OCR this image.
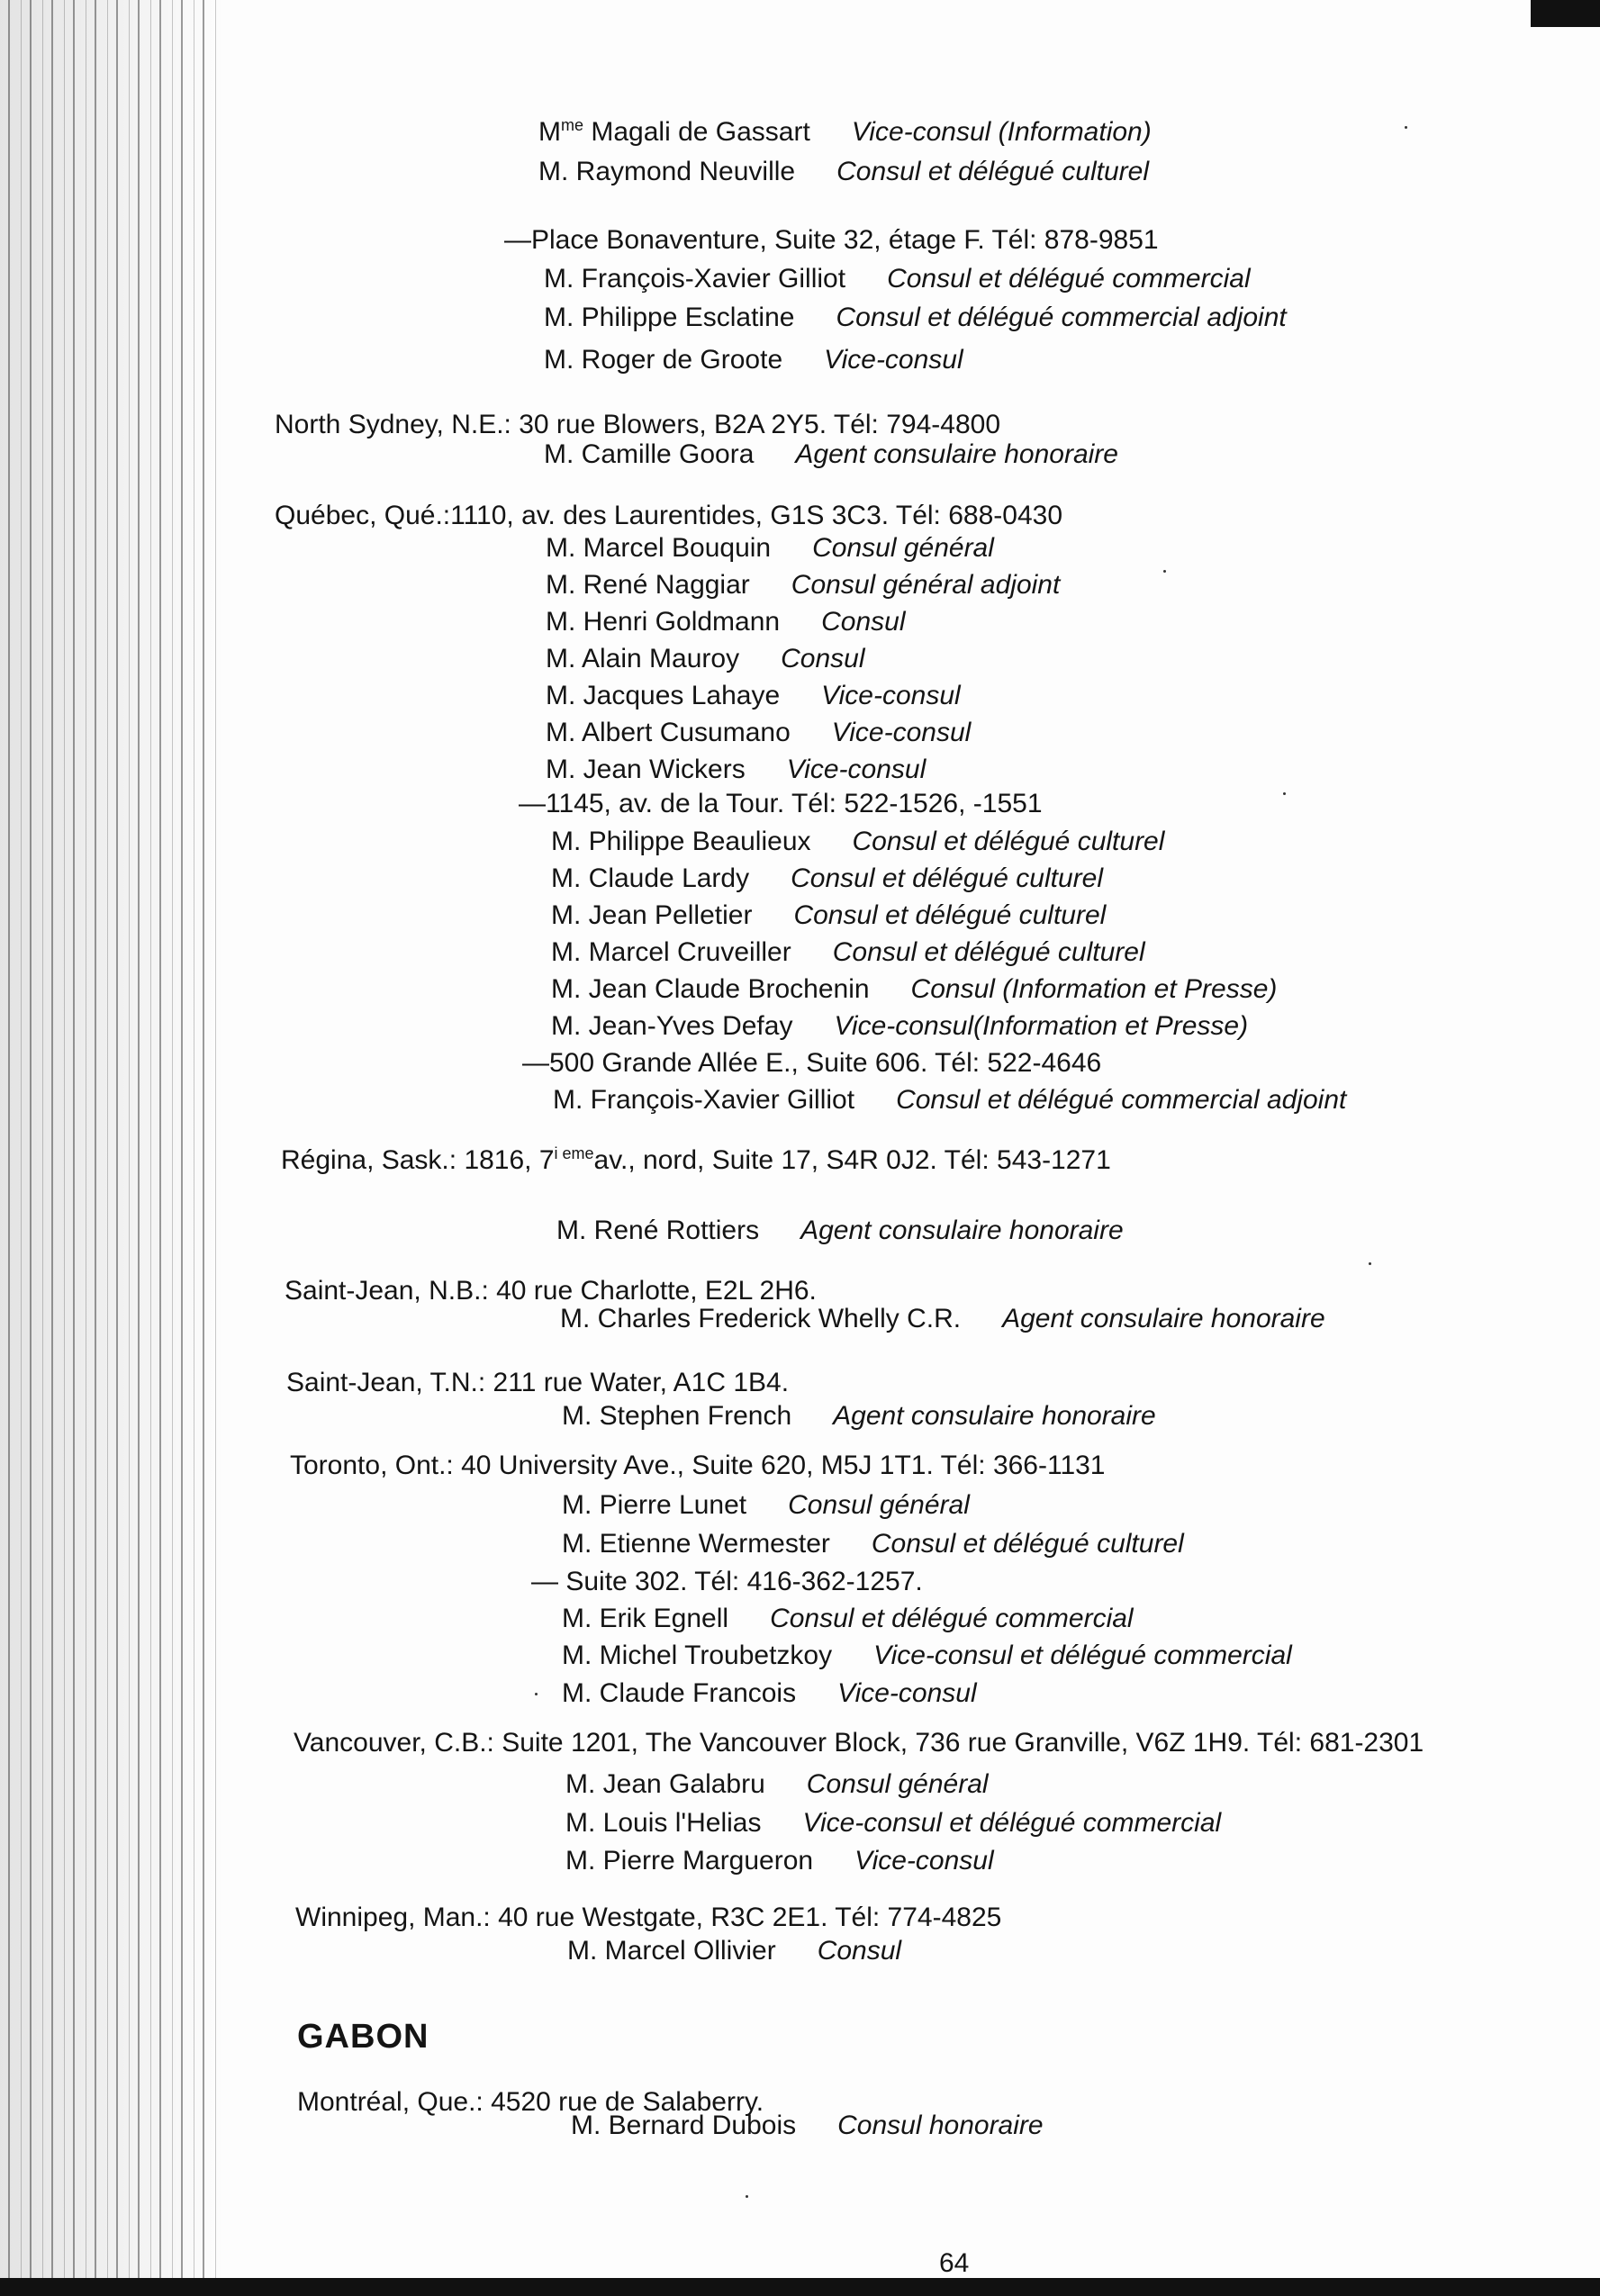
$M^{me}$ Magali de Gassart Vice-consul (Information)
M. Raymond Neuville Consul et délégué culturel
—Place Bonaventure, Suite 32, étage F. Tél: 878-9851
M. François-Xavier Gilliot Consul et délégué commercial
M. Philippe Esclatine Consul et délégué commercial adjoint
M. Roger de Groote Vice-consul
North Sydney, N.E.: 30 rue Blowers, B2A 2Y5. Tél: 794-4800
M. Camille Goora Agent consulaire honoraire
Québec, Qué.:1110, av. des Laurentides, G1S 3C3. Tél: 688-0430
M. Marcel Bouquin Consul général
M. René Naggiar Consul général adjoint
M. Henri Goldmann Consul
M. Alain Mauroy Consul
M. Jacques Lahaye Vice-consul
M. Albert Cusumano Vice-consul
M. Jean Wickers Vice-consul
—1145, av. de la Tour. Tél: 522-1526, -1551
M. Philippe Beaulieux Consul et délégué culturel
M. Claude Lardy Consul et délégué culturel
M. Jean Pelletier Consul et délégué culturel
M. Marcel Cruveiller Consul et délégué culturel
M. Jean Claude Brochenin Consul (Information et Presse)
M. Jean-Yves Defay Vice-consul(Information et Presse)
—500 Grande Allée E., Suite 606. Tél: 522-4646
M. François-Xavier Gilliot Consul et délégué commercial adjoint
Régina, Sask.: 1816, $7^{i eme}av$., nord, Suite 17, S4R 0J2. Tél: 543-1271
M. René Rottiers Agent consulaire honoraire
Saint-Jean, N.B.: 40 rue Charlotte, E2L 2H6.
M. Charles Frederick Whelly C.R. Agent consulaire honoraire
Saint-Jean, T.N.: 211 rue Water, A1C 1B4.
M. Stephen French Agent consulaire honoraire
Toronto, Ont.: 40 University Ave., Suite 620, M5J 1T1. Tél: 366-1131
M. Pierre Lunet Consul général
M. Etienne Wermester Consul et délégué culturel
— Suite 302. Tél: 416-362-1257.
M. Erik Egnell Consul et délégué commercial
M. Michel Troubetzkoy Vice-consul et délégué commercial
M. Claude Francois Vice-consul
Vancouver, C.B.: Suite 1201, The Vancouver Block, 736 rue Granville, V6Z 1H9. Tél: 681-2301
M. Jean Galabru Consul général
M. Louis l'Helias Vice-consul et délégué commercial
M. Pierre Margueron Vice-consul
Winnipeg, Man.: 40 rue Westgate, R3C 2E1. Tél: 774-4825
M. Marcel Ollivier Consul
GABON
Montréal, Que.: 4520 rue de Salaberry.
M. Bernard Dubois Consul honoraire
64
